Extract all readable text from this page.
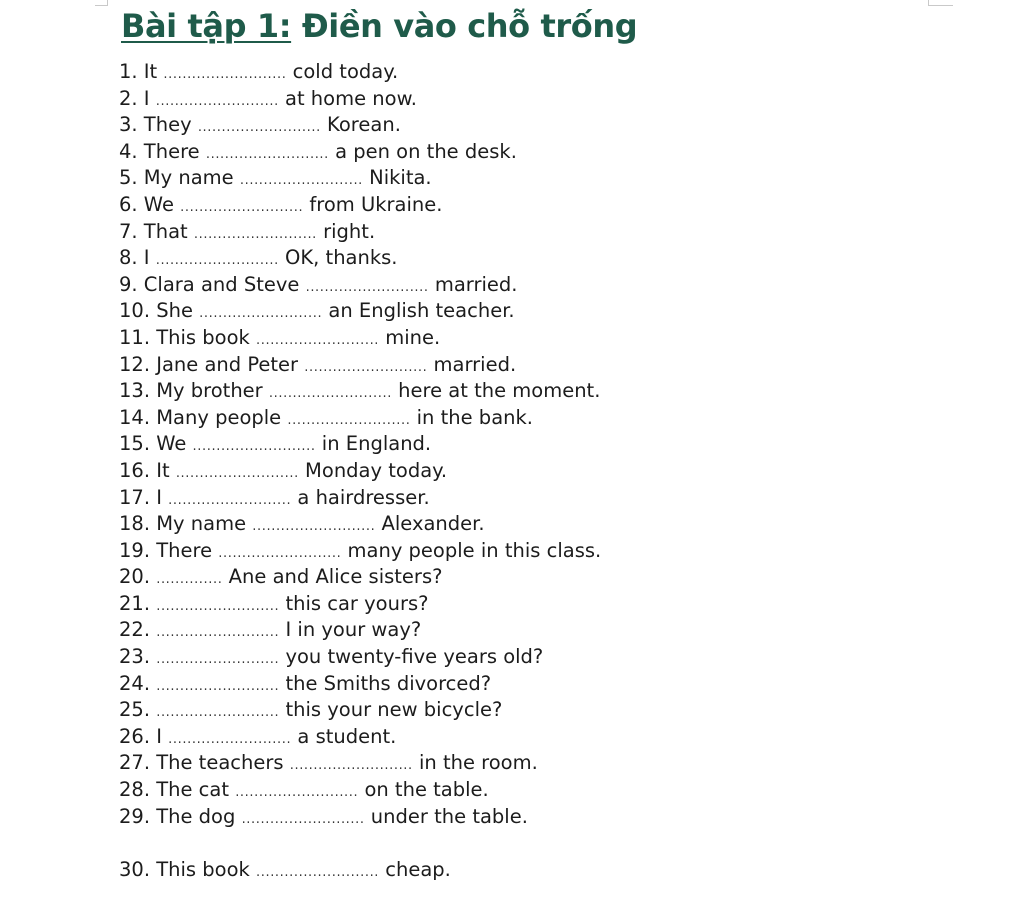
Bài tập 1: Điền vào chỗ trống
1. It .......................... cold today.
2. I .......................... at home now.
3. They .......................... Korean.
4. There .......................... a pen on the desk.
5. My name .......................... Nikita.
6. We .......................... from Ukraine.
7. That .......................... right.
8. I .......................... OK, thanks.
9. Clara and Steve .......................... married.
10. She .......................... an English teacher.
11. This book .......................... mine.
12. Jane and Peter .......................... married.
13. My brother .......................... here at the moment.
14. Many people .......................... in the bank.
15. We .......................... in England.
16. It .......................... Monday today.
17. I .......................... a hairdresser.
18. My name .......................... Alexander.
19. There .......................... many people in this class.
20. .............. Ane and Alice sisters?
21. .......................... this car yours?
22. .......................... I in your way?
23. .......................... you twenty-five years old?
24. .......................... the Smiths divorced?
25. .......................... this your new bicycle?
26. I .......................... a student.
27. The teachers .......................... in the room.
28. The cat .......................... on the table.
29. The dog .......................... under the table.
30. This book .......................... cheap.
